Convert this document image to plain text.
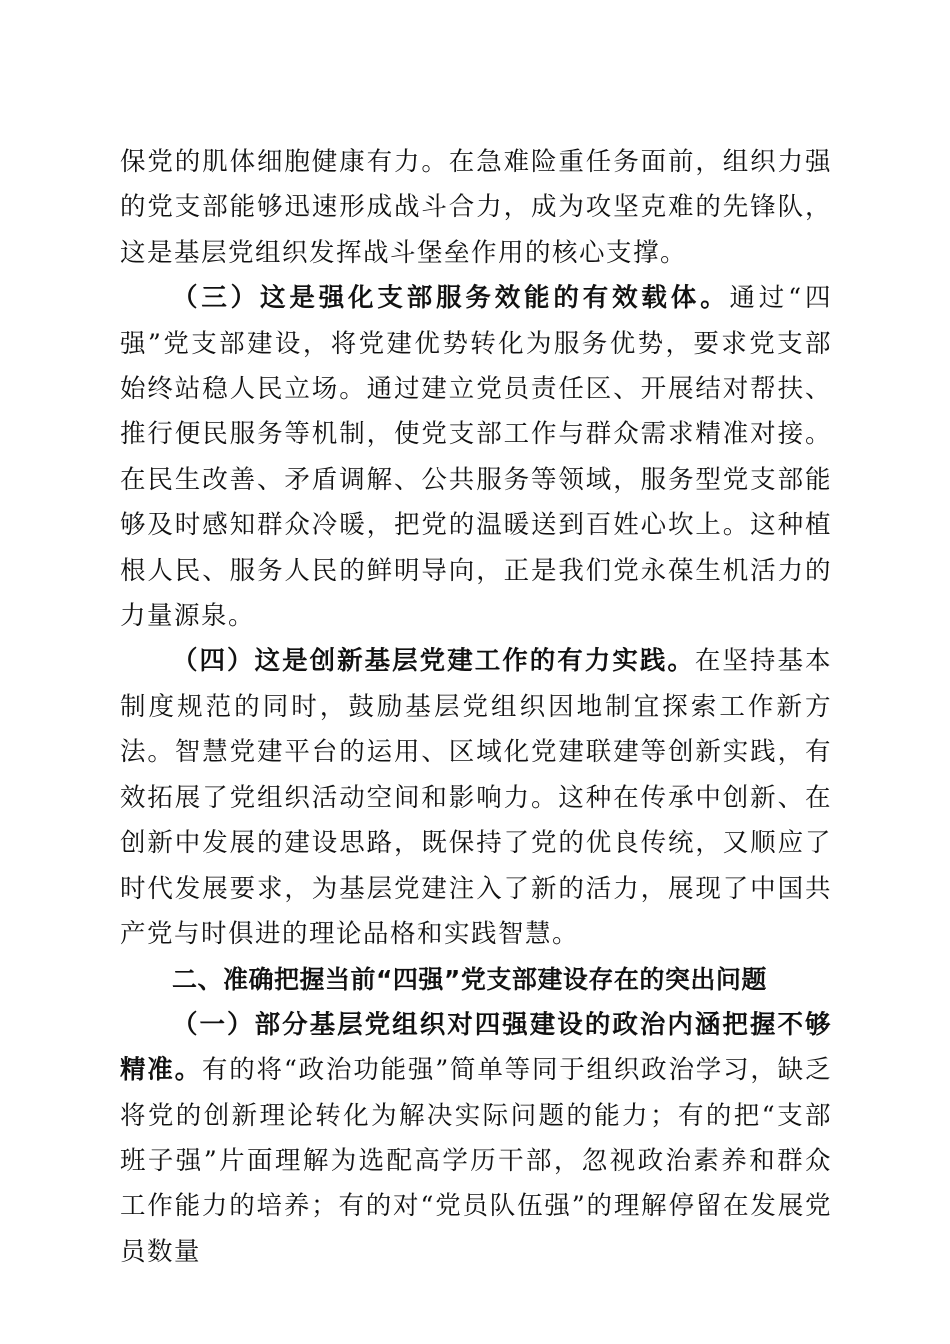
保党的肌体细胞健康有力。在急难险重任务面前，组织力强的党支部能够迅速形成战斗合力，成为攻坚克难的先锋队，这是基层党组织发挥战斗堡垒作用的核心支撑。

（三）这是强化支部服务效能的有效载体。通过“四强”党支部建设，将党建优势转化为服务优势，要求党支部始终站稳人民立场。通过建立党员责任区、开展结对帮扶、推行便民服务等机制，使党支部工作与群众需求精准对接。在民生改善、矛盾调解、公共服务等领域，服务型党支部能够及时感知群众冷暖，把党的温暖送到百姓心坎上。这种植根人民、服务人民的鲜明导向，正是我们党永葆生机活力的力量源泉。

（四）这是创新基层党建工作的有力实践。在坚持基本制度规范的同时，鼓励基层党组织因地制宜探索工作新方法。智慧党建平台的运用、区域化党建联建等创新实践，有效拓展了党组织活动空间和影响力。这种在传承中创新、在创新中发展的建设思路，既保持了党的优良传统，又顺应了时代发展要求，为基层党建注入了新的活力，展现了中国共产党与时俱进的理论品格和实践智慧。

二、准确把握当前“四强”党支部建设存在的突出问题

（一）部分基层党组织对四强建设的政治内涵把握不够精准。有的将“政治功能强”简单等同于组织政治学习，缺乏将党的创新理论转化为解决实际问题的能力；有的把“支部班子强”片面理解为选配高学历干部，忽视政治素养和群众工作能力的培养；有的对“党员队伍强”的理解停留在发展党员数量
